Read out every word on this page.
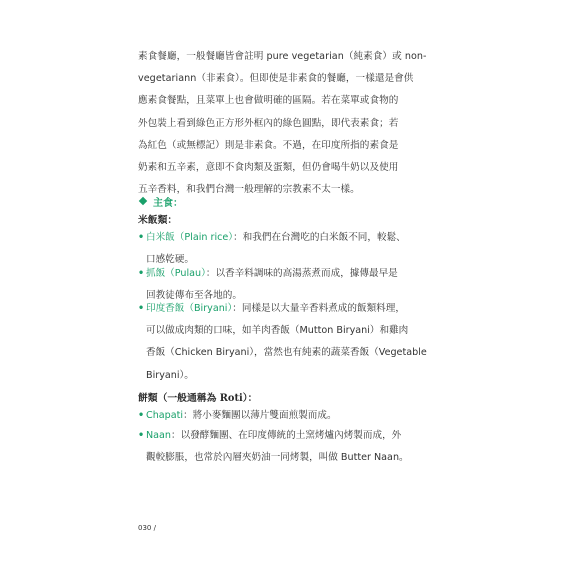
素食餐廳，一般餐廳皆會註明 pure vegetarian（純素食）或 non-
vegetariann（非素食）。但即使是非素食的餐廳，一樣還是會供
應素食餐點，且菜單上也會做明確的區隔。若在菜單或食物的
外包裝上看到綠色正方形外框內的綠色圓點，即代表素食；若
為紅色（或無標記）則是非素食。不過，在印度所指的素食是
奶素和五辛素，意即不食肉類及蛋類，但仍會喝牛奶以及使用
五辛香料，和我們台灣一般理解的宗教素不太一樣。

主食：
米飯類：
• 白米飯（Plain rice）：和我們在台灣吃的白米飯不同，較鬆、
口感乾硬。
• 抓飯（Pulau）：以香辛料調味的高湯蒸煮而成，據傳最早是
回教徒傳布至各地的。
• 印度香飯（Biryani）：同樣是以大量辛香料煮成的飯類料理，
可以做成肉類的口味，如羊肉香飯（Mutton Biryani）和雞肉
香飯（Chicken Biryani），當然也有純素的蔬菜香飯（Vegetable
Biryani）。
餅類（一般通稱為 Roti）：
• Chapati：將小麥麵團以薄片雙面煎製而成。
• Naan：以發酵麵團、在印度傳統的土窯烤爐內烤製而成，外
觀較膨脹，也常於內層夾奶油一同烤製，叫做 Butter Naan。
030 /
